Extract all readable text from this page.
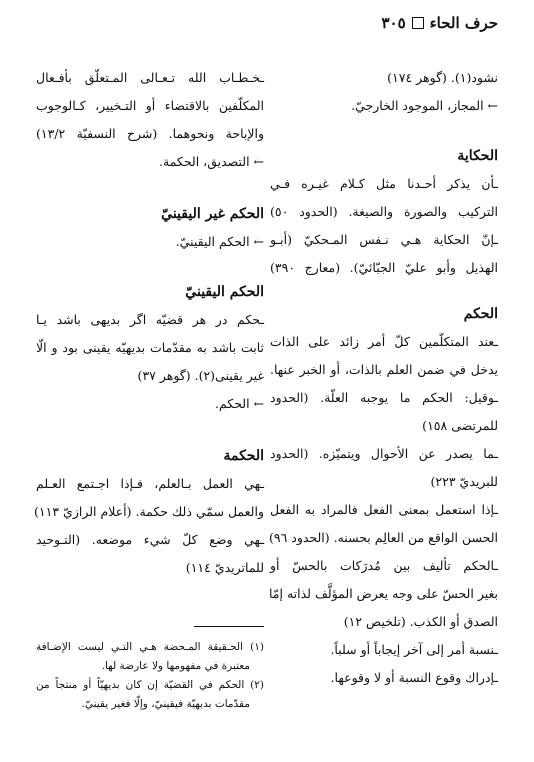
حرف الحاء
٣٠٥
نشود(١). (گوهر ١٧٤)
← المجاز، الموجود الخارجيّ.
الحكاية
ـأن يذكر أحـدنا مثل كـلام غيـره فـي
التركيب والصورة والصيغة. (الحدود ٥٠)
ـإنّ الحكاية هـي نـفس المـحكيّ (أبـو
الهذيل وأبو عليّ الجبّائيّ). (معارج ٣٩٠)
الحكم
ـعند المتكلّمين كلّ أمر زائد على الذات
يدخل في ضمن العلم بالذات، أو الخبر عنها.
ـوقيل: الحكم ما يوجبه العلّة. (الحدود
للمرتضى ١٥٨)
ـما يصدر عن الأحوال ويتميّزه. (الحدود
للبريديّ ٢٢٣)
ـإذا استعمل بمعنى الفعل فالمراد به الفعل
الحسن الواقع من العالِم بحسنه. (الحدود ٩٦)
ـالحكم تأليف بين مُدرَكات بالحسّ أو
بغير الحسّ على وجه يعرض المؤلَّف لذاته إمّا
الصدق أو الكذب. (تلخيص ١٢)
ـنسبة أمر إلى آخر إيجاباً أو سلباً.
ـإدراك وقوع النسبة أو لا وقوعها.
ـخـطـاب الله تـعـالى المـتعلّق بأفـعال
المكلّفين بالاقتضاء أو التـخيير، كـالوجوب
والإباحة ونحوهما. (شرح النسفيّة ١٣/٢)
← التصديق، الحكمة.
الحكم غير اليقينيّ
← الحكم اليقينيّ.
الحكم اليقينيّ
ـحكم در هر قضيّه اگر بديهى باشد يـا
ثابت باشد به مقدّمات بديهيّه يقينى بود و الّا
غير يقينى(٢). (گوهر ٣٧)
← الحكم.
الحكمة
ـهي العمل بـالعلم، فـإذا اجـتمع العـلم
والعمل سمّي ذلك حكمة. (أعلام الرازيّ ١١٣)
ـهي وضع كلّ شيء موضعه. (التـوحيد
للماتريديّ ١١٤)
(١) الحـقيقة المـحضة هـي التـي ليست الإضـافة
معتبرة في مفهومها ولا عارضة لها.
(٢) الحكم في القضيّة إن كان بديهيّاً أو منتجاً من
مقدّمات بديهيّة فيقينيّ، وإلّا فغير يقينيّ.
